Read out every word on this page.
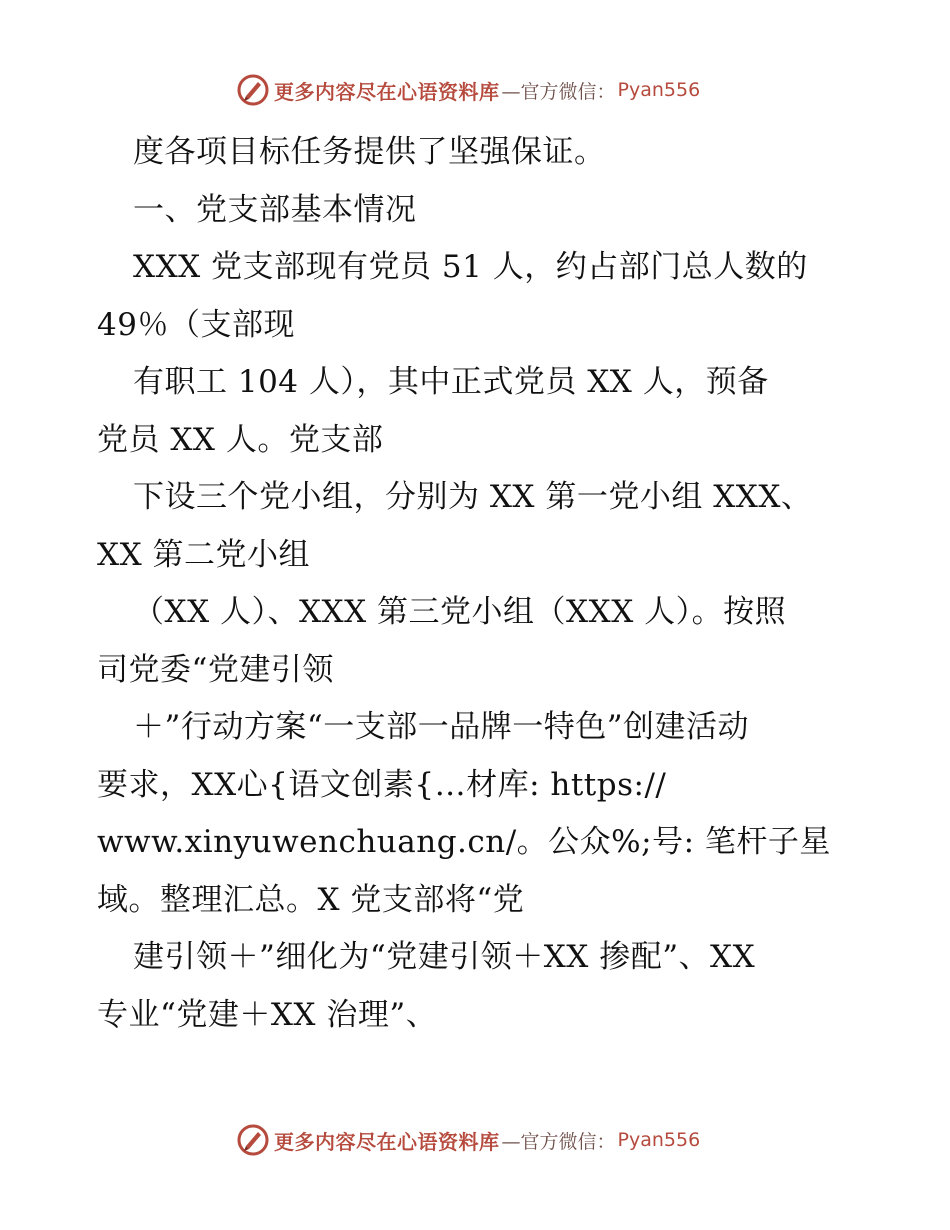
更多内容尽在心语资料库 —官方微信： Pyan556
度各项目标任务提供了坚强保证。
一、党支部基本情况
XXX 党支部现有党员 51 人，约占部门总人数的
49％（支部现
有职工 104 人），其中正式党员 XX 人，预备
党员 XX 人。党支部
下设三个党小组，分别为 XX 第一党小组 XXX、
XX 第二党小组
（XX 人）、XXX 第三党小组（XXX 人）。按照
司党委“党建引领
＋”行动方案“一支部一品牌一特色”创建活动
要求，XX心{语文创素{…材库: https://
www.xinyuwenchuang.cn/。公众%;号: 笔杆子星
域。整理汇总。X 党支部将“党
建引领＋”细化为“党建引领＋XX 掺配”、XX
专业“党建＋XX 治理”、
更多内容尽在心语资料库 —官方微信： Pyan556
